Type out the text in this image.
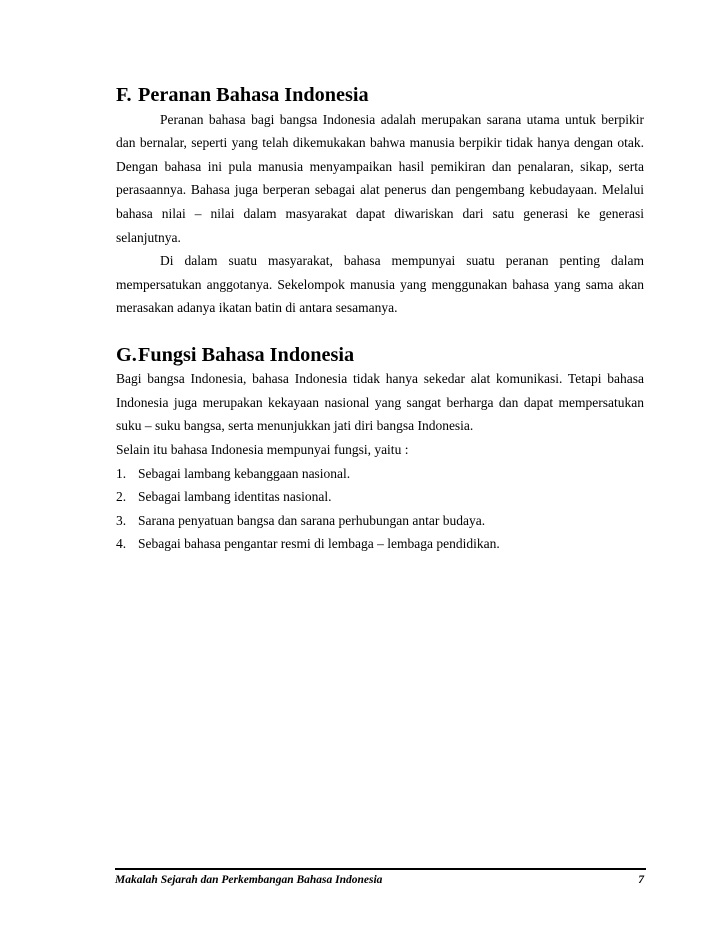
F. Peranan Bahasa Indonesia

Peranan bahasa bagi bangsa Indonesia adalah merupakan sarana utama untuk berpikir dan bernalar, seperti yang telah dikemukakan bahwa manusia berpikir tidak hanya dengan otak. Dengan bahasa ini pula manusia menyampaikan hasil pemikiran dan penalaran, sikap, serta perasaannya. Bahasa juga berperan sebagai alat penerus dan pengembang kebudayaan. Melalui bahasa nilai – nilai dalam masyarakat dapat diwariskan dari satu generasi ke generasi selanjutnya.

Di dalam suatu masyarakat, bahasa mempunyai suatu peranan penting dalam mempersatukan anggotanya. Sekelompok manusia yang menggunakan bahasa yang sama akan merasakan adanya ikatan batin di antara sesamanya.

G.Fungsi Bahasa Indonesia

Bagi bangsa Indonesia, bahasa Indonesia tidak hanya sekedar alat komunikasi. Tetapi bahasa Indonesia juga merupakan kekayaan nasional yang sangat berharga dan dapat mempersatukan suku – suku bangsa, serta menunjukkan jati diri bangsa Indonesia.

Selain itu bahasa Indonesia mempunyai fungsi, yaitu :

1. Sebagai lambang kebanggaan nasional.
2. Sebagai lambang identitas nasional.
3. Sarana penyatuan bangsa dan sarana perhubungan antar budaya.
4. Sebagai bahasa pengantar resmi di lembaga – lembaga pendidikan.
Makalah Sejarah dan Perkembangan Bahasa Indonesia	7
